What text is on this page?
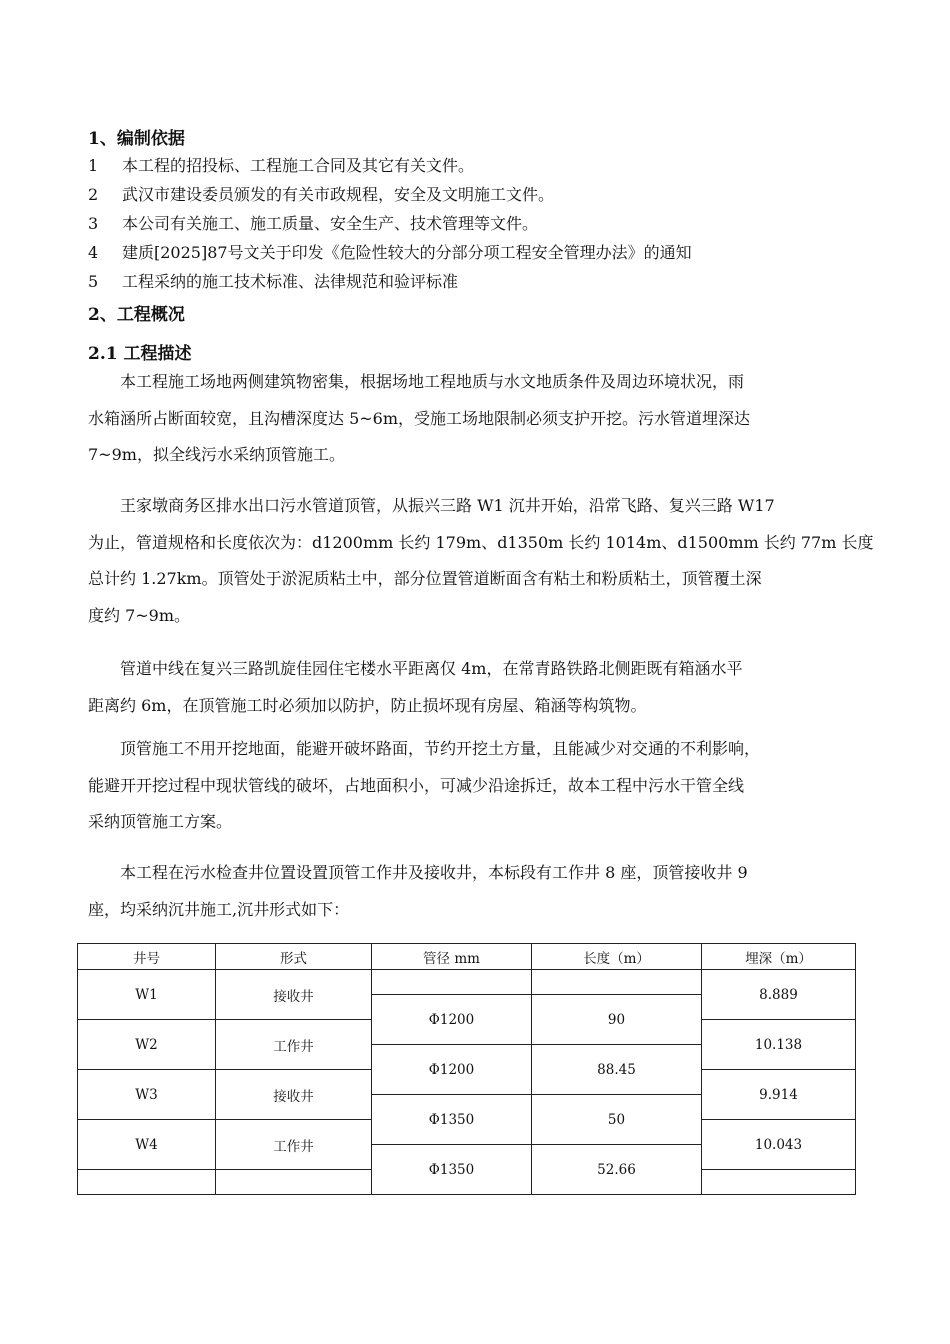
1、编制依据
1 本工程的招投标、工程施工合同及其它有关文件。
2 武汉市建设委员颁发的有关市政规程，安全及文明施工文件。
3 本公司有关施工、施工质量、安全生产、技术管理等文件。
4 建质[2025]87号文关于印发《危险性较大的分部分项工程安全管理办法》的通知
5 工程采纳的施工技术标准、法律规范和验评标准
2、工程概况
2.1 工程描述
本工程施工场地两侧建筑物密集，根据场地工程地质与水文地质条件及周边环境状况，雨
水箱涵所占断面较宽，且沟槽深度达 5~6m，受施工场地限制必须支护开挖。污水管道埋深达
7~9m，拟全线污水采纳顶管施工。
王家墩商务区排水出口污水管道顶管，从振兴三路 W1 沉井开始，沿常飞路、复兴三路 W17
为止，管道规格和长度依次为：d1200mm 长约 179m、d1350m 长约 1014m、d1500mm 长约 77m 长度
总计约 1.27km。顶管处于淤泥质粘土中，部分位置管道断面含有粘土和粉质粘土，顶管覆土深
度约 7~9m。
管道中线在复兴三路凯旋佳园住宅楼水平距离仅 4m，在常青路铁路北侧距既有箱涵水平
距离约 6m，在顶管施工时必须加以防护，防止损坏现有房屋、箱涵等构筑物。
顶管施工不用开挖地面，能避开破坏路面，节约开挖土方量，且能减少对交通的不利影响，
能避开开挖过程中现状管线的破坏，占地面积小，可减少沿途拆迁，故本工程中污水干管全线
采纳顶管施工方案。
本工程在污水检查井位置设置顶管工作井及接收井，本标段有工作井 8 座，顶管接收井 9
座，均采纳沉井施工,沉井形式如下：
井号	形式	管径 mm	长度（m）	埋深（m）
W1	接收井			8.889
		Φ1200	90	
W2	工作井			10.138
		Φ1200	88.45	
W3	接收井			9.914
		Φ1350	50	
W4	工作井			10.043
		Φ1350	52.66	
